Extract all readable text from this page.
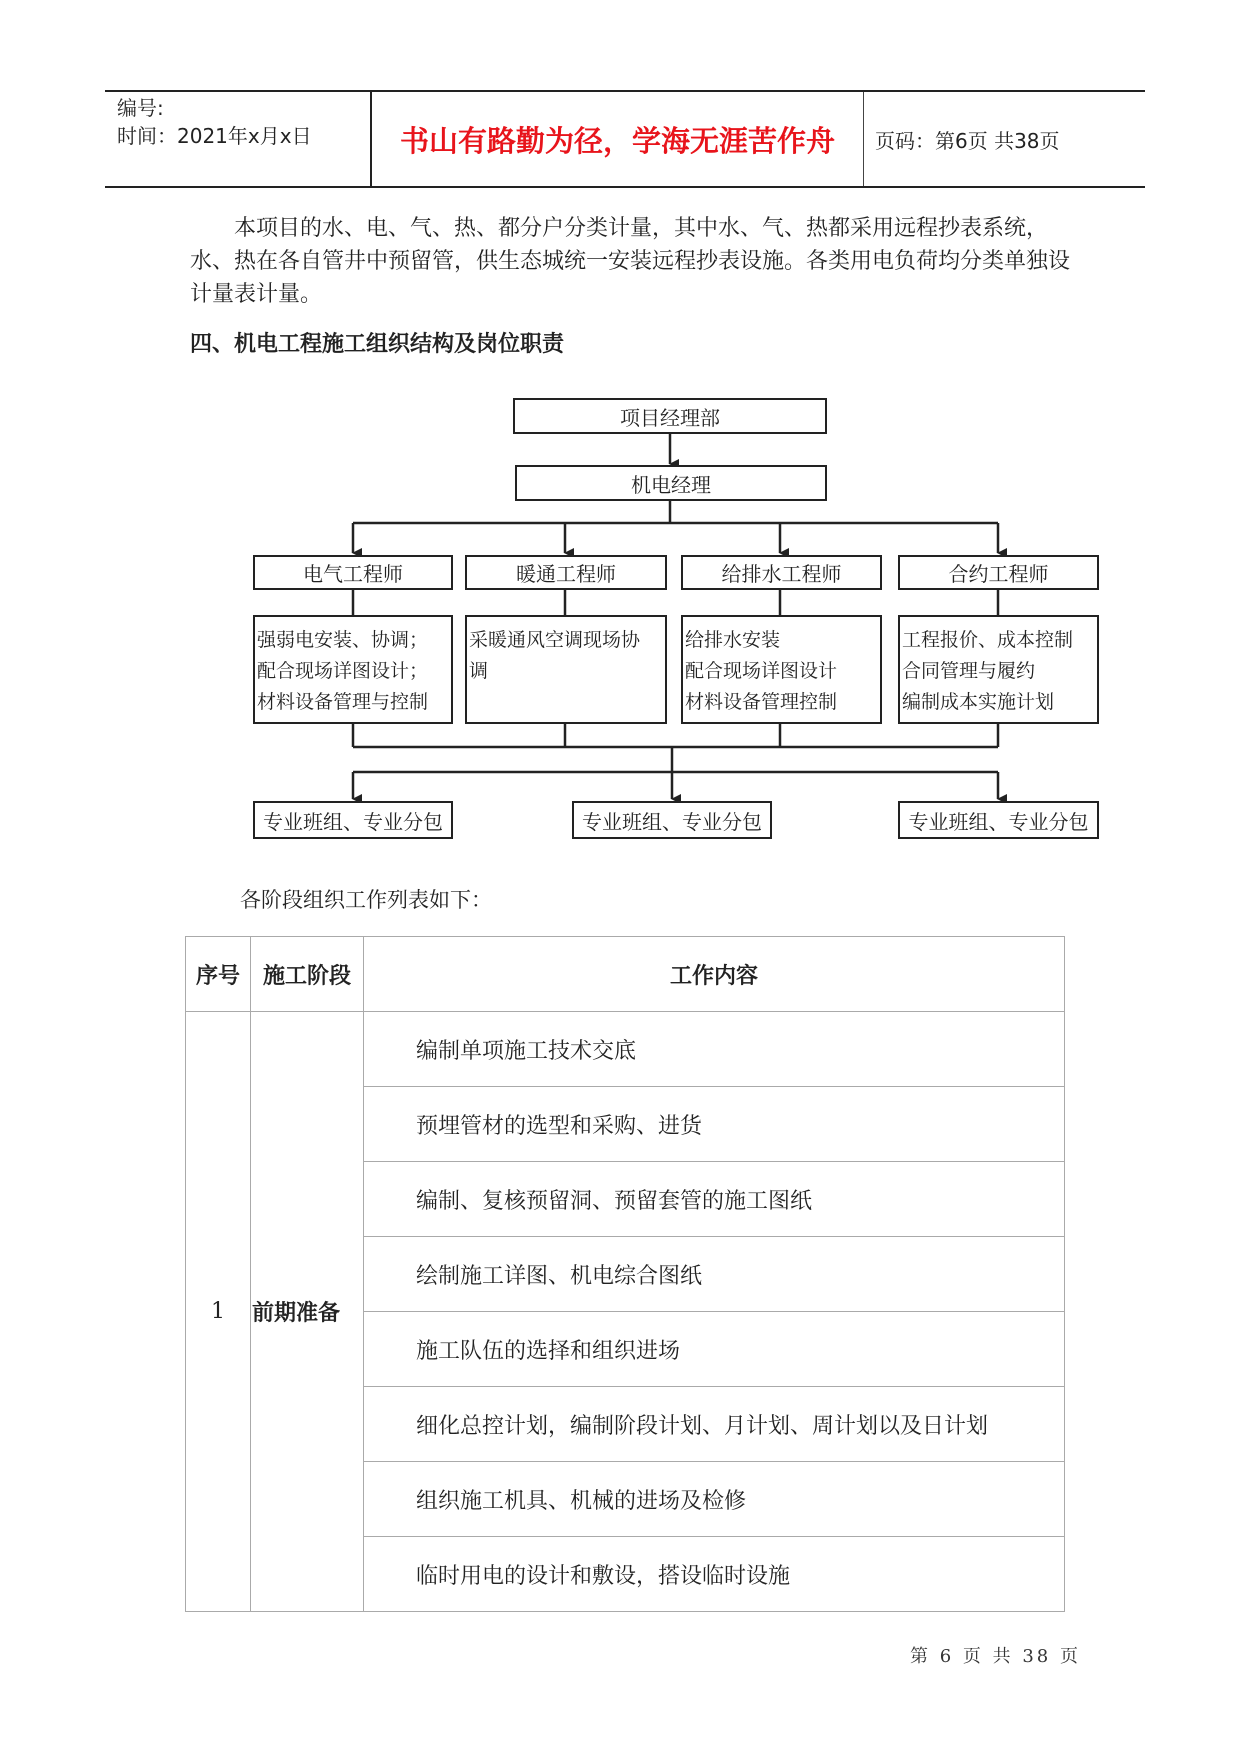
编号:
时间：2021年x月x日	书山有路勤为径，学海无涯苦作舟	页码：第6页 共38页
本项目的水、电、气、热、都分户分类计量，其中水、气、热都采用远程抄表系统，水、热在各自管井中预留管，供生态城统一安装远程抄表设施。各类用电负荷均分类单独设计量表计量。
四、机电工程施工组织结构及岗位职责
项目经理部
机电经理
电气工程师	暖通工程师	给排水工程师	合约工程师
强弱电安装、协调；
配合现场详图设计；
材料设备管理与控制
采暖通风空调现场协
调
给排水安装
配合现场详图设计
材料设备管理控制
工程报价、成本控制
合同管理与履约
编制成本实施计划
专业班组、专业分包	专业班组、专业分包	专业班组、专业分包
各阶段组织工作列表如下：
序号	施工阶段	工作内容
1	前期准备	编制单项施工技术交底
		预埋管材的选型和采购、进货
		编制、复核预留洞、预留套管的施工图纸
		绘制施工详图、机电综合图纸
		施工队伍的选择和组织进场
		细化总控计划，编制阶段计划、月计划、周计划以及日计划
		组织施工机具、机械的进场及检修
		临时用电的设计和敷设，搭设临时设施
第 6 页 共 38 页
